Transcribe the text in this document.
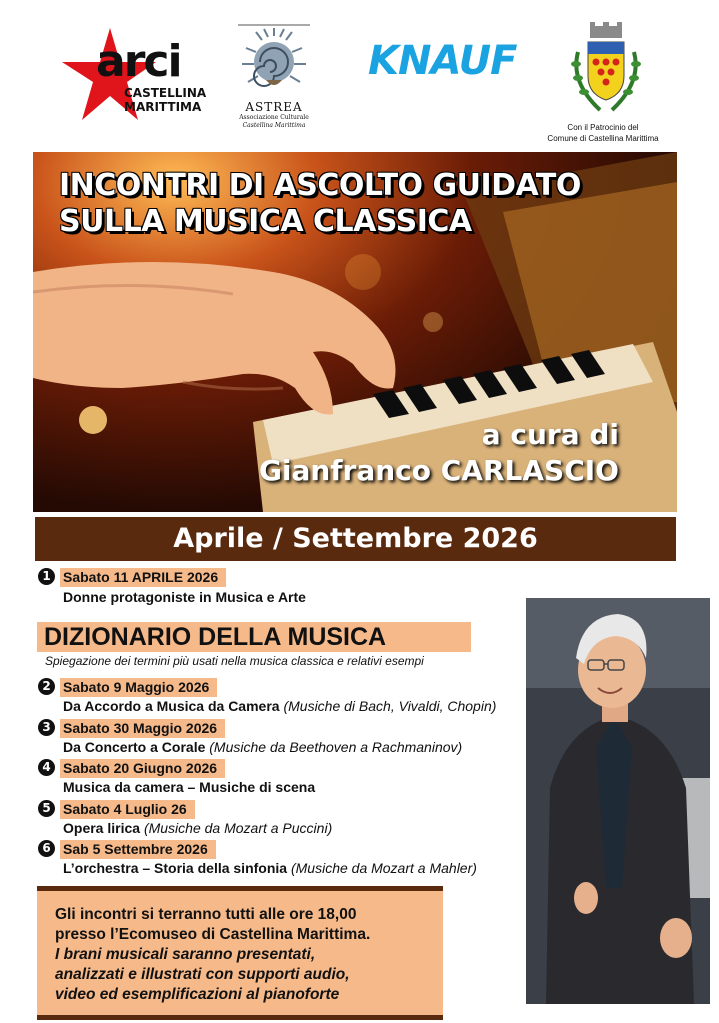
arci
CASTELLINA
MARITTIMA	ASTREA
Associazione Culturale
Castellina Marittima
KNAUF
Con il Patrocinio del
Comune di Castellina Marittima
INCONTRI DI ASCOLTO GUIDATO
SULLA MUSICA CLASSICA
a cura di
Gianfranco CARLASCIO
Aprile / Settembre 2026
1 Sabato 11 APRILE 2026
Donne protagoniste in Musica e Arte
DIZIONARIO DELLA MUSICA
Spiegazione dei termini più usati nella musica classica e relativi esempi
2 Sabato 9 Maggio 2026
Da Accordo a Musica da Camera (Musiche di Bach, Vivaldi, Chopin)
3 Sabato 30 Maggio 2026
Da Concerto a Corale (Musiche da Beethoven a Rachmaninov)
4 Sabato 20 Giugno 2026
Musica da camera – Musiche di scena
5 Sabato 4 Luglio 26
Opera lirica (Musiche da Mozart a Puccini)
6 Sab 5 Settembre 2026
L’orchestra – Storia della sinfonia (Musiche da Mozart a Mahler)
Gli incontri si terranno tutti alle ore 18,00
presso l’Ecomuseo di Castellina Marittima.
I brani musicali saranno presentati,
analizzati e illustrati con supporti audio,
video ed esemplificazioni al pianoforte
